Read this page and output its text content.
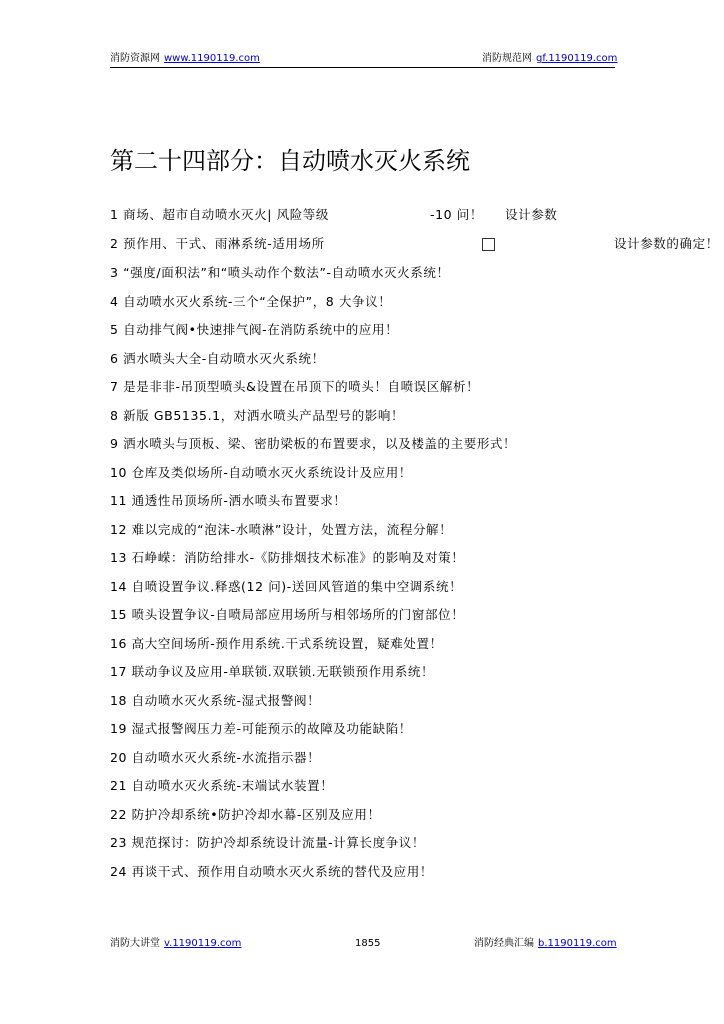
消防资源网 www.1190119.com	消防规范网 gf.1190119.com
第二十四部分：自动喷水灭火系统
1 商场、超市自动喷水灭火| 风险等级	-10 问！ 设计参数
2 预作用、干式、雨淋系统-适用场所	设计参数的确定！
3 “强度/面积法”和“喷头动作个数法”-自动喷水灭火系统！
4 自动喷水灭火系统-三个“全保护”，8 大争议！
5 自动排气阀•快速排气阀-在消防系统中的应用！
6 洒水喷头大全-自动喷水灭火系统！
7 是是非非-吊顶型喷头&设置在吊顶下的喷头！自喷误区解析！
8 新版 GB5135.1，对洒水喷头产品型号的影响！
9 洒水喷头与顶板、梁、密肋梁板的布置要求，以及楼盖的主要形式！
10 仓库及类似场所-自动喷水灭火系统设计及应用！
11 通透性吊顶场所-洒水喷头布置要求！
12 难以完成的“泡沫-水喷淋”设计，处置方法，流程分解！
13 石峥嵘：消防给排水-《防排烟技术标准》的影响及对策！
14 自喷设置争议.释惑(12 问)-送回风管道的集中空调系统！
15 喷头设置争议-自喷局部应用场所与相邻场所的门窗部位！
16 高大空间场所-预作用系统.干式系统设置，疑难处置！
17 联动争议及应用-单联锁.双联锁.无联锁预作用系统！
18 自动喷水灭火系统-湿式报警阀！
19 湿式报警阀压力差-可能预示的故障及功能缺陷！
20 自动喷水灭火系统-水流指示器！
21 自动喷水灭火系统-末端试水装置！
22 防护冷却系统•防护冷却水幕-区别及应用！
23 规范探讨：防护冷却系统设计流量-计算长度争议！
24 再谈干式、预作用自动喷水灭火系统的替代及应用！
消防大讲堂 v.1190119.com	1855	消防经典汇编 b.1190119.com
